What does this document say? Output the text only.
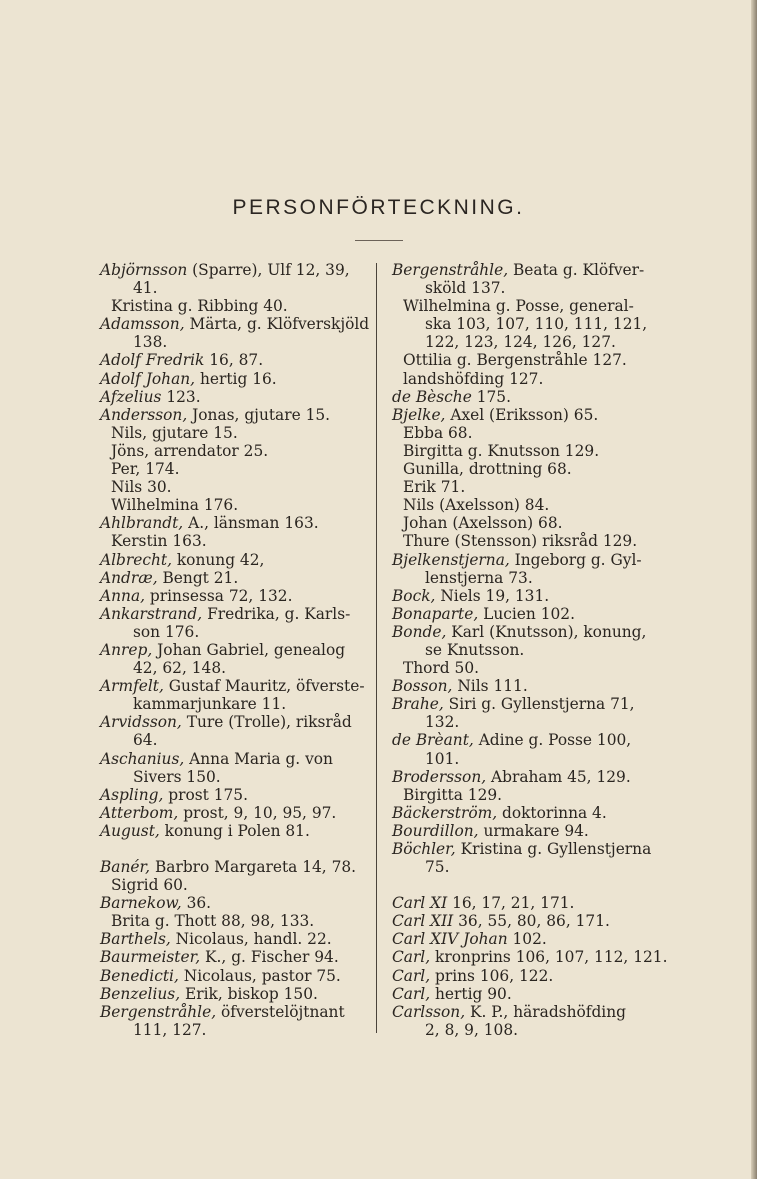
PERSONFÖRTECKNING.
Abjörnsson (Sparre), Ulf 12, 39,
41.
Kristina g. Ribbing 40.
Adamsson, Märta, g. Klöfverskjöld
138.
Adolf Fredrik 16, 87.
Adolf Johan, hertig 16.
Afzelius 123.
Andersson, Jonas, gjutare 15.
Nils, gjutare 15.
Jöns, arrendator 25.
Per, 174.
Nils 30.
Wilhelmina 176.
Ahlbrandt, A., länsman 163.
Kerstin 163.
Albrecht, konung 42,
Andræ, Bengt 21.
Anna, prinsessa 72, 132.
Ankarstrand, Fredrika, g. Karls-
son 176.
Anrep, Johan Gabriel, genealog
42, 62, 148.
Armfelt, Gustaf Mauritz, öfverste-
kammarjunkare 11.
Arvidsson, Ture (Trolle), riksråd
64.
Aschanius, Anna Maria g. von
Sivers 150.
Aspling, prost 175.
Atterbom, prost, 9, 10, 95, 97.
August, konung i Polen 81.
Banér, Barbro Margareta 14, 78.
Sigrid 60.
Barnekow, 36.
Brita g. Thott 88, 98, 133.
Barthels, Nicolaus, handl. 22.
Baurmeister, K., g. Fischer 94.
Benedicti, Nicolaus, pastor 75.
Benzelius, Erik, biskop 150.
Bergenstråhle, öfverstelöjtnant
111, 127.
Bergenstråhle, Beata g. Klöfver-
sköld 137.
Wilhelmina g. Posse, general-
ska 103, 107, 110, 111, 121,
122, 123, 124, 126, 127.
Ottilia g. Bergenstråhle 127.
landshöfding 127.
de Bèsche 175.
Bjelke, Axel (Eriksson) 65.
Ebba 68.
Birgitta g. Knutsson 129.
Gunilla, drottning 68.
Erik 71.
Nils (Axelsson) 84.
Johan (Axelsson) 68.
Thure (Stensson) riksråd 129.
Bjelkenstjerna, Ingeborg g. Gyl-
lenstjerna 73.
Bock, Niels 19, 131.
Bonaparte, Lucien 102.
Bonde, Karl (Knutsson), konung,
se Knutsson.
Thord 50.
Bosson, Nils 111.
Brahe, Siri g. Gyllenstjerna 71,
132.
de Brèant, Adine g. Posse 100,
101.
Brodersson, Abraham 45, 129.
Birgitta 129.
Bäckerström, doktorinna 4.
Bourdillon, urmakare 94.
Böchler, Kristina g. Gyllenstjerna
75.
Carl XI 16, 17, 21, 171.
Carl XII 36, 55, 80, 86, 171.
Carl XIV Johan 102.
Carl, kronprins 106, 107, 112, 121.
Carl, prins 106, 122.
Carl, hertig 90.
Carlsson, K. P., häradshöfding
2, 8, 9, 108.
